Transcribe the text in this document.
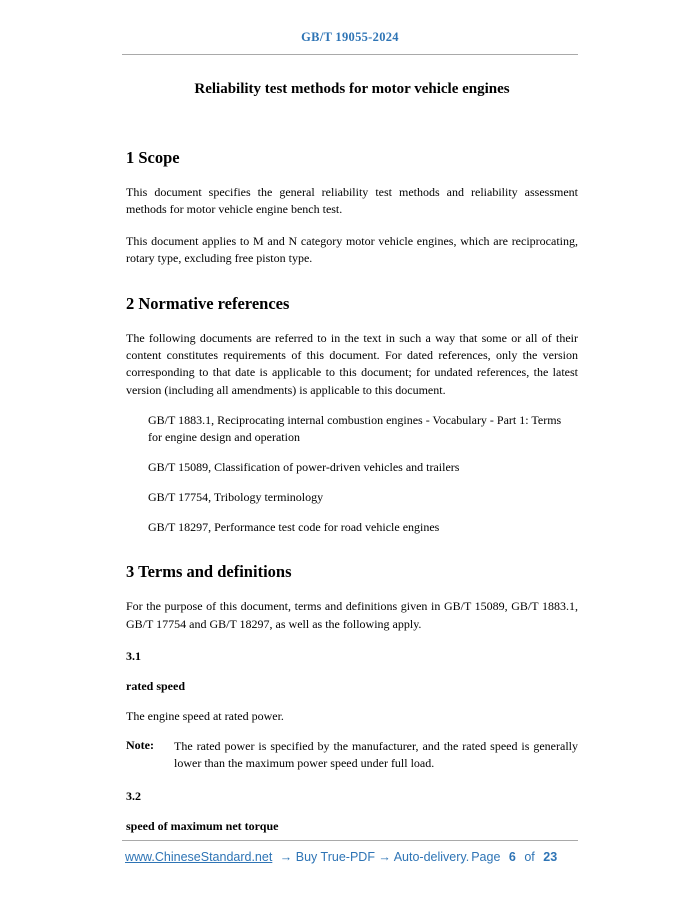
GB/T 19055-2024
Reliability test methods for motor vehicle engines
1 Scope

This document specifies the general reliability test methods and reliability assessment methods for motor vehicle engine bench test.

This document applies to M and N category motor vehicle engines, which are reciprocating, rotary type, excluding free piston type.

2 Normative references

The following documents are referred to in the text in such a way that some or all of their content constitutes requirements of this document. For dated references, only the version corresponding to that date is applicable to this document; for undated references, the latest version (including all amendments) is applicable to this document.

GB/T 1883.1, Reciprocating internal combustion engines - Vocabulary - Part 1: Terms for engine design and operation

GB/T 15089, Classification of power-driven vehicles and trailers

GB/T 17754, Tribology terminology

GB/T 18297, Performance test code for road vehicle engines

3 Terms and definitions

For the purpose of this document, terms and definitions given in GB/T 15089, GB/T 1883.1, GB/T 17754 and GB/T 18297, as well as the following apply.

3.1
rated speed

The engine speed at rated power.

Note:	The rated power is specified by the manufacturer, and the rated speed is generally lower than the maximum power speed under full load.
3.2
speed of maximum net torque
www.ChineseStandard.net → Buy True-PDF → Auto-delivery. Page 6 of 23
